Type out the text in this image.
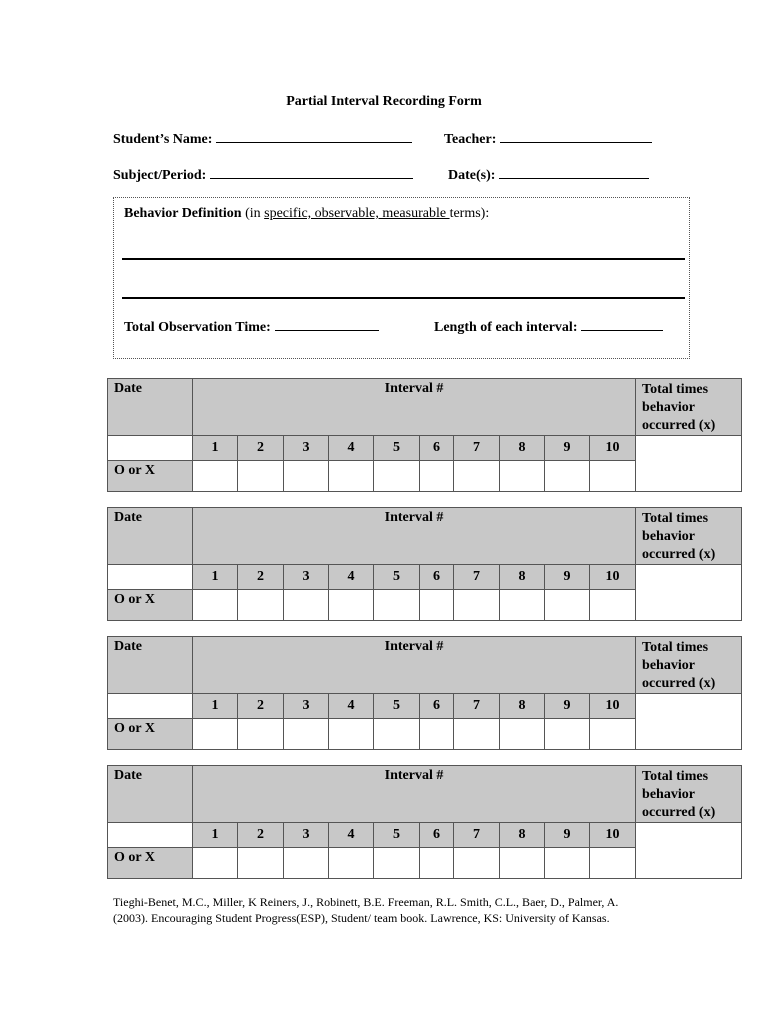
Partial Interval Recording Form
Student’s Name:	Teacher:
Subject/Period:	Date(s):
Behavior Definition (in specific, observable, measurable terms):
Total Observation Time:	Length of each interval:
Date	Interval #										Total times
behavior
occurred (x)
	1	2	3	4	5	6	7	8	9	10	
O or X											
Date	Interval #										Total times
behavior
occurred (x)
	1	2	3	4	5	6	7	8	9	10	
O or X											
Date	Interval #										Total times
behavior
occurred (x)
	1	2	3	4	5	6	7	8	9	10	
O or X											
Date	Interval #										Total times
behavior
occurred (x)
	1	2	3	4	5	6	7	8	9	10	
O or X											
Tieghi-Benet, M.C., Miller, K Reiners, J., Robinett, B.E. Freeman, R.L. Smith, C.L., Baer, D., Palmer, A.
(2003). Encouraging Student Progress(ESP), Student/ team book. Lawrence, KS: University of Kansas.
